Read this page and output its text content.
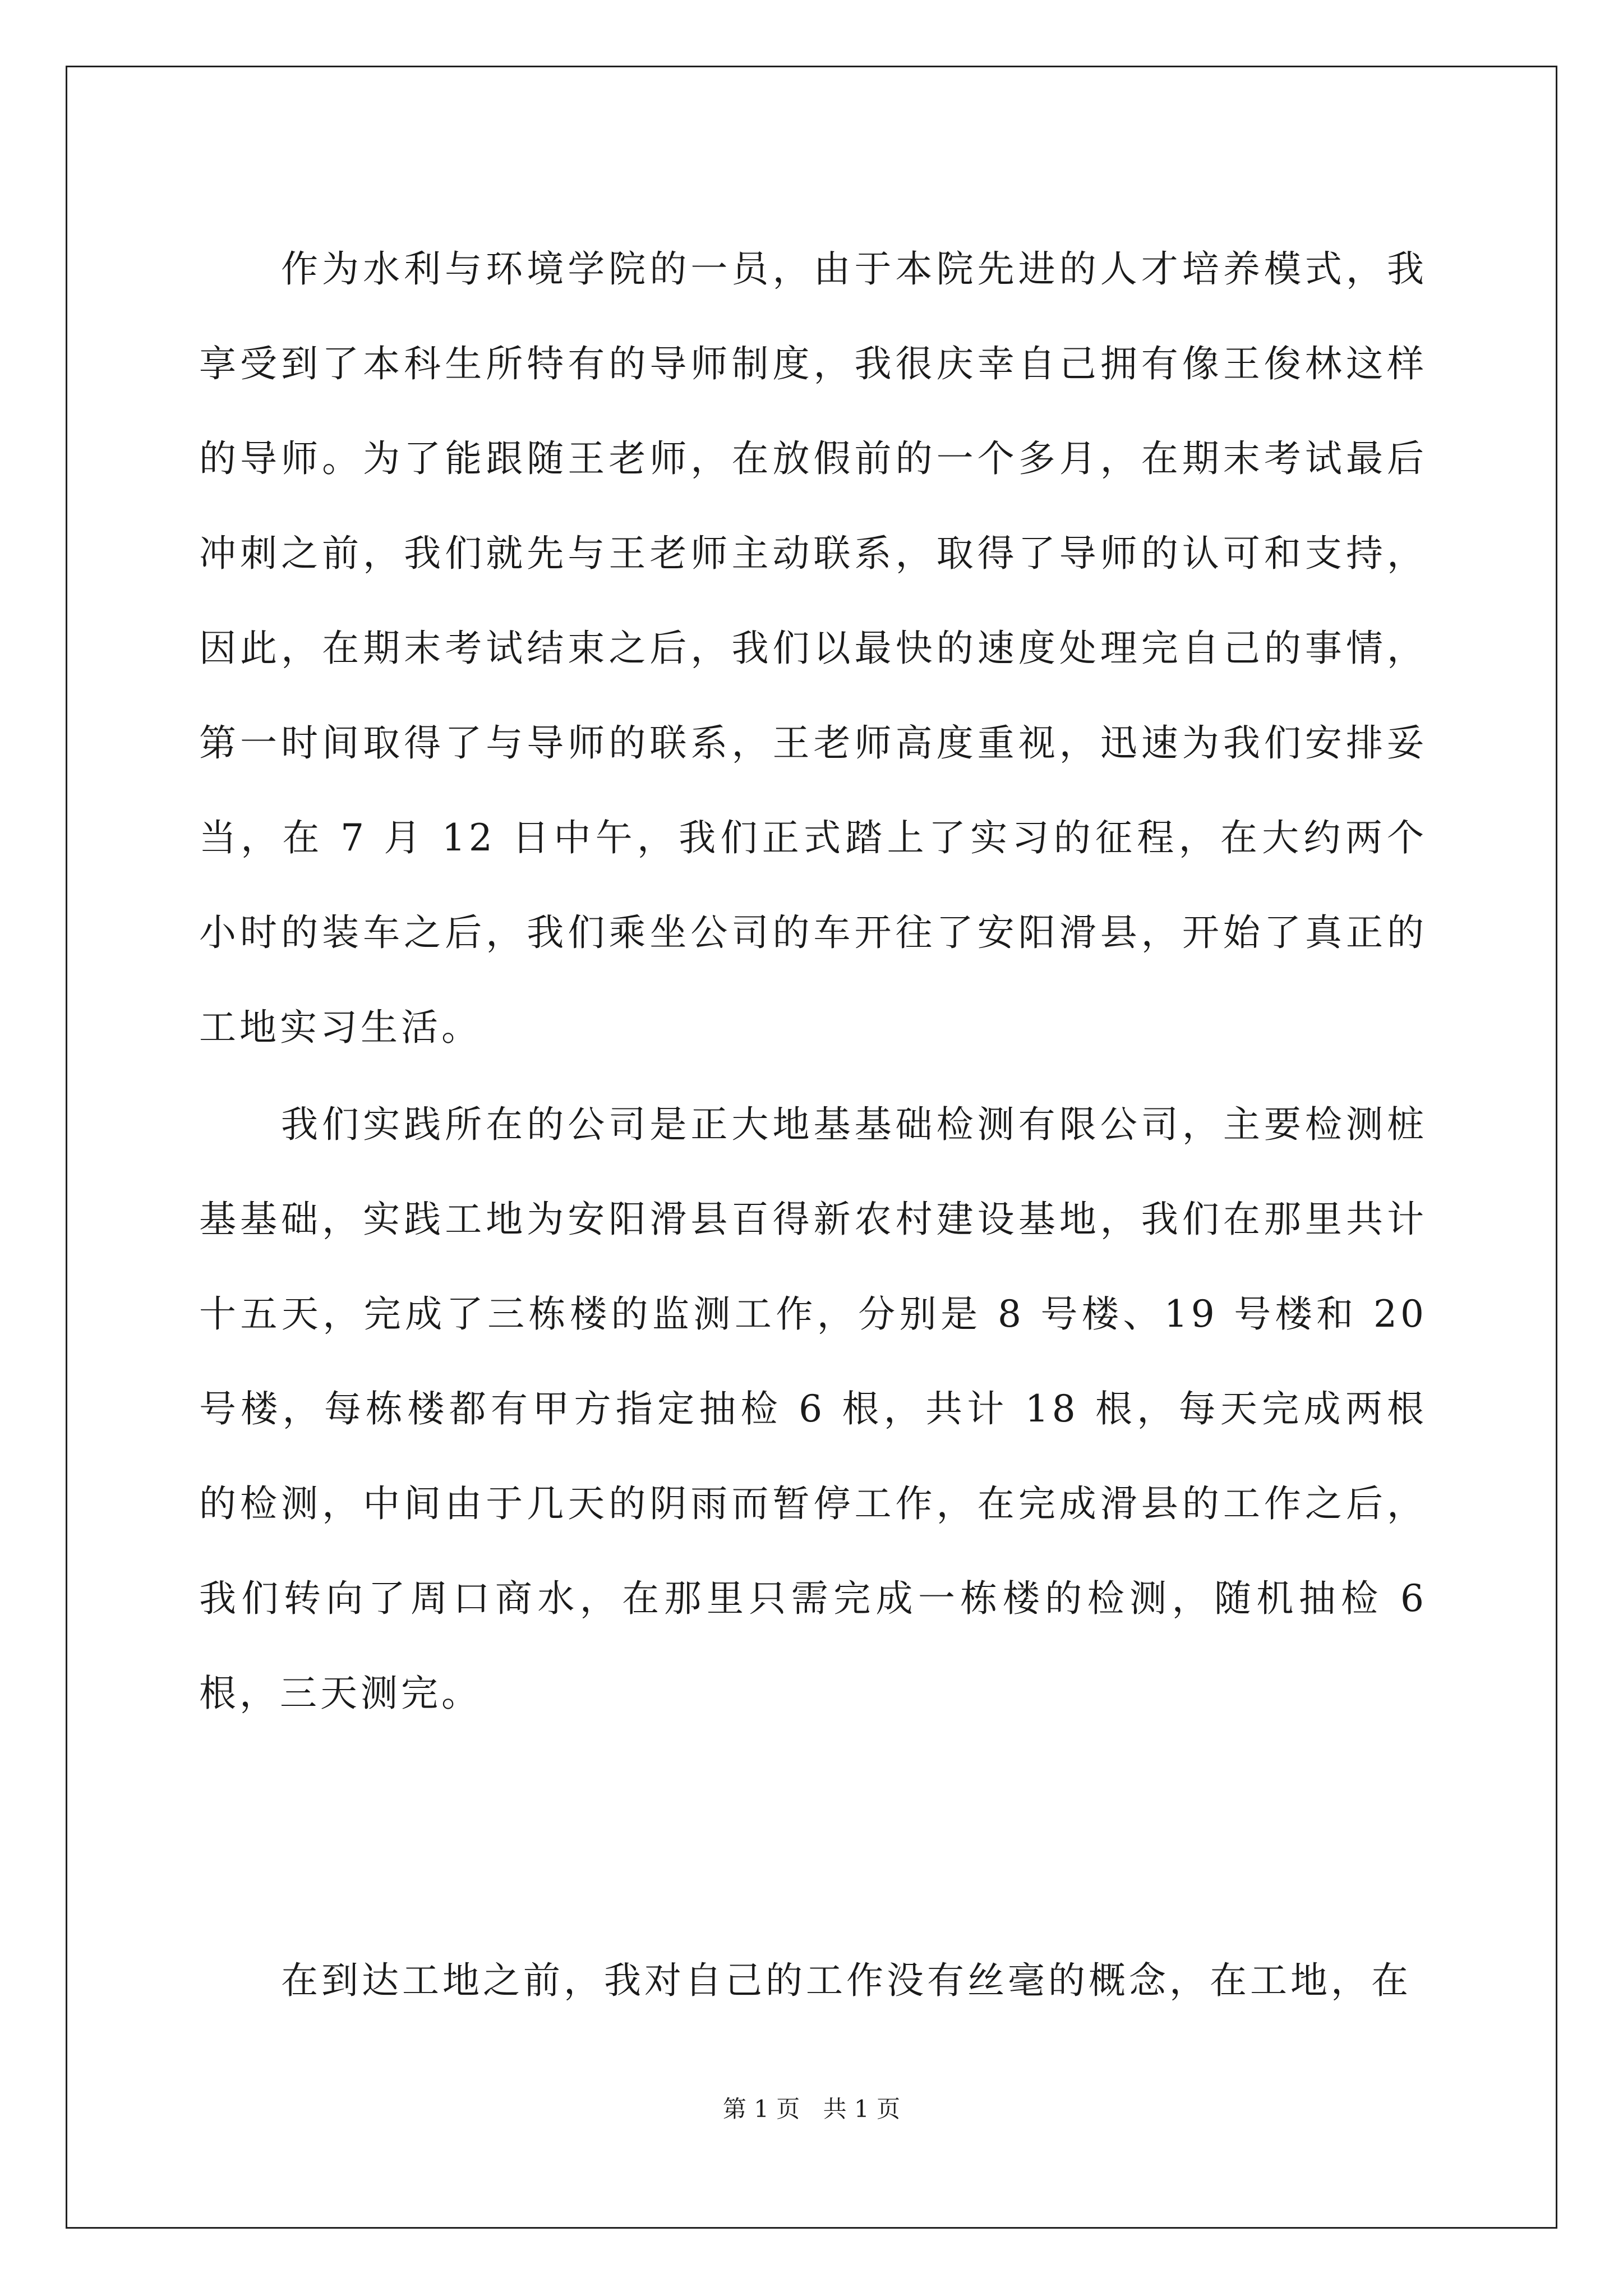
作为水利与环境学院的一员，由于本院先进的人才培养模式，我享受到了本科生所特有的导师制度，我很庆幸自己拥有像王俊林这样的导师。为了能跟随王老师，在放假前的一个多月，在期末考试最后冲刺之前，我们就先与王老师主动联系，取得了导师的认可和支持，因此，在期末考试结束之后，我们以最快的速度处理完自己的事情，第一时间取得了与导师的联系，王老师高度重视，迅速为我们安排妥当，在 7 月 12 日中午，我们正式踏上了实习的征程，在大约两个小时的装车之后，我们乘坐公司的车开往了安阳滑县，开始了真正的工地实习生活。

我们实践所在的公司是正大地基基础检测有限公司，主要检测桩基基础，实践工地为安阳滑县百得新农村建设基地，我们在那里共计十五天，完成了三栋楼的监测工作，分别是 8 号楼、19 号楼和 20 号楼，每栋楼都有甲方指定抽检 6 根，共计 18 根，每天完成两根的检测，中间由于几天的阴雨而暂停工作，在完成滑县的工作之后，我们转向了周口商水，在那里只需完成一栋楼的检测，随机抽检 6 根，三天测完。

在到达工地之前，我对自己的工作没有丝毫的概念，在工地，在

第 1 页 共 1 页
